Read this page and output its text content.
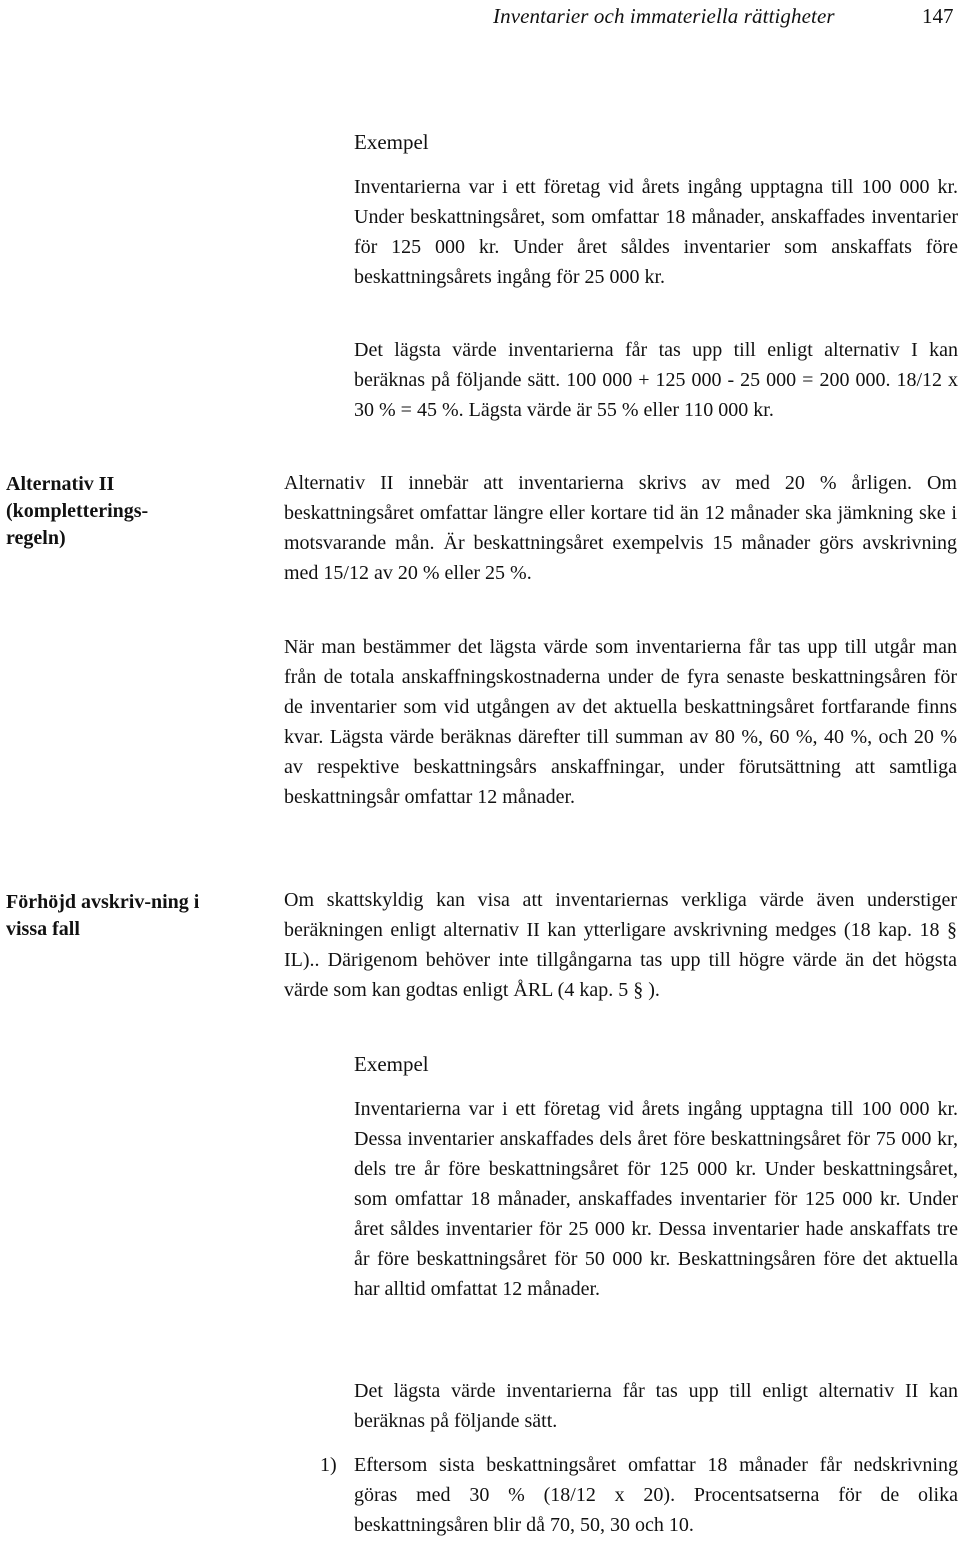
Inventarier och immateriella rättigheter	147
Alternativ II (kompletterings-regeln)
Förhöjd avskriv-ning i vissa fall
Exempel

Inventarierna var i ett företag vid årets ingång upptagna till 100 000 kr. Under beskattningsåret, som omfattar 18 månader, anskaffades inventarier för 125 000 kr. Under året såldes inventarier som anskaffats före beskattningsårets ingång för 25 000 kr.

Det lägsta värde inventarierna får tas upp till enligt alternativ I kan beräknas på följande sätt. 100 000 + 125 000 - 25 000 = 200 000. 18/12 x 30 % = 45 %. Lägsta värde är 55 % eller 110 000 kr.

Alternativ II innebär att inventarierna skrivs av med 20 % årligen. Om beskattningsåret omfattar längre eller kortare tid än 12 månader ska jämkning ske i motsvarande mån. Är beskattningsåret exempelvis 15 månader görs avskrivning med 15/12 av 20 % eller 25 %.

När man bestämmer det lägsta värde som inventarierna får tas upp till utgår man från de totala anskaffningskostnaderna under de fyra senaste beskattningsåren för de inventarier som vid utgången av det aktuella beskattningsåret fortfarande finns kvar. Lägsta värde beräknas därefter till summan av 80 %, 60 %, 40 %, och 20 % av respektive beskattningsårs anskaffningar, under förutsättning att samtliga beskattningsår omfattar 12 månader.

Om skattskyldig kan visa att inventariernas verkliga värde även understiger beräkningen enligt alternativ II kan ytterligare avskrivning medges (18 kap. 18 § IL).. Därigenom behöver inte tillgångarna tas upp till högre värde än det högsta värde som kan godtas enligt ÅRL (4 kap. 5 § ).

Exempel

Inventarierna var i ett företag vid årets ingång upptagna till 100 000 kr. Dessa inventarier anskaffades dels året före beskattningsåret för 75 000 kr, dels tre år före beskattningsåret för 125 000 kr. Under beskattningsåret, som omfattar 18 månader, anskaffades inventarier för 125 000 kr. Under året såldes inventarier för 25 000 kr. Dessa inventarier hade anskaffats tre år före beskattningsåret för 50 000 kr. Beskattningsåren före det aktuella har alltid omfattat 12 månader.

Det lägsta värde inventarierna får tas upp till enligt alternativ II kan beräknas på följande sätt.

1) Eftersom sista beskattningsåret omfattar 18 månader får nedskrivning göras med 30 % (18/12 x 20). Procentsatserna för de olika beskattningsåren blir då 70, 50, 30 och 10.
